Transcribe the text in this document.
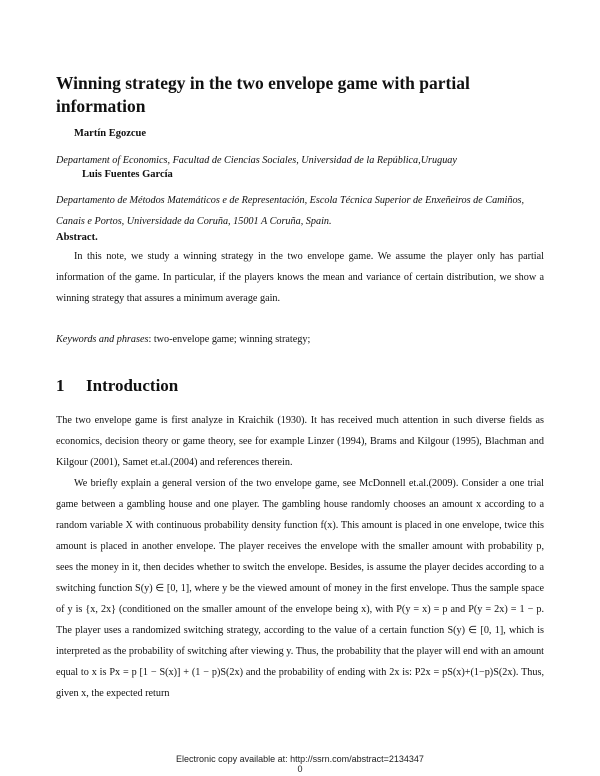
Winning strategy in the two envelope game with partial information
Martín Egozcue
Departament of Economics, Facultad de Ciencias Sociales, Universidad de la República,Uruguay
Luis Fuentes García
Departamento de Métodos Matemáticos e de Representación, Escola Técnica Superior de Enxeñeiros de Camiños, Canais e Portos, Universidade da Coruña, 15001 A Coruña, Spain.
Abstract.

In this note, we study a winning strategy in the two envelope game. We assume the player only has partial information of the game. In particular, if the players knows the mean and variance of certain distribution, we show a winning strategy that assures a minimum average gain.

Keywords and phrases: two-envelope game; winning strategy;
1 Introduction

The two envelope game is first analyze in Kraichik (1930). It has received much attention in such diverse fields as economics, decision theory or game theory, see for example Linzer (1994), Brams and Kilgour (1995), Blachman and Kilgour (2001), Samet et.al.(2004) and references therein.

We briefly explain a general version of the two envelope game, see McDonnell et.al.(2009). Consider a one trial game between a gambling house and one player. The gambling house randomly chooses an amount x according to a random variable X with continuous probability density function f(x). This amount is placed in one envelope, twice this amount is placed in another envelope. The player receives the envelope with the smaller amount with probability p, sees the money in it, then decides whether to switch the envelope. Besides, is assume the player decides according to a switching function S(y) ∈ [0, 1], where y be the viewed amount of money in the first envelope. Thus the sample space of y is {x, 2x} (conditioned on the smaller amount of the envelope being x), with P(y = x) = p and P(y = 2x) = 1 − p. The player uses a randomized switching strategy, according to the value of a certain function S(y) ∈ [0, 1], which is interpreted as the probability of switching after viewing y. Thus, the probability that the player will end with an amount equal to x is Px = p [1 − S(x)] + (1 − p)S(2x) and the probability of ending with 2x is: P2x = pS(x)+(1−p)S(2x). Thus, given x, the expected return

Electronic copy available at: http://ssrn.com/abstract=2134347
0
